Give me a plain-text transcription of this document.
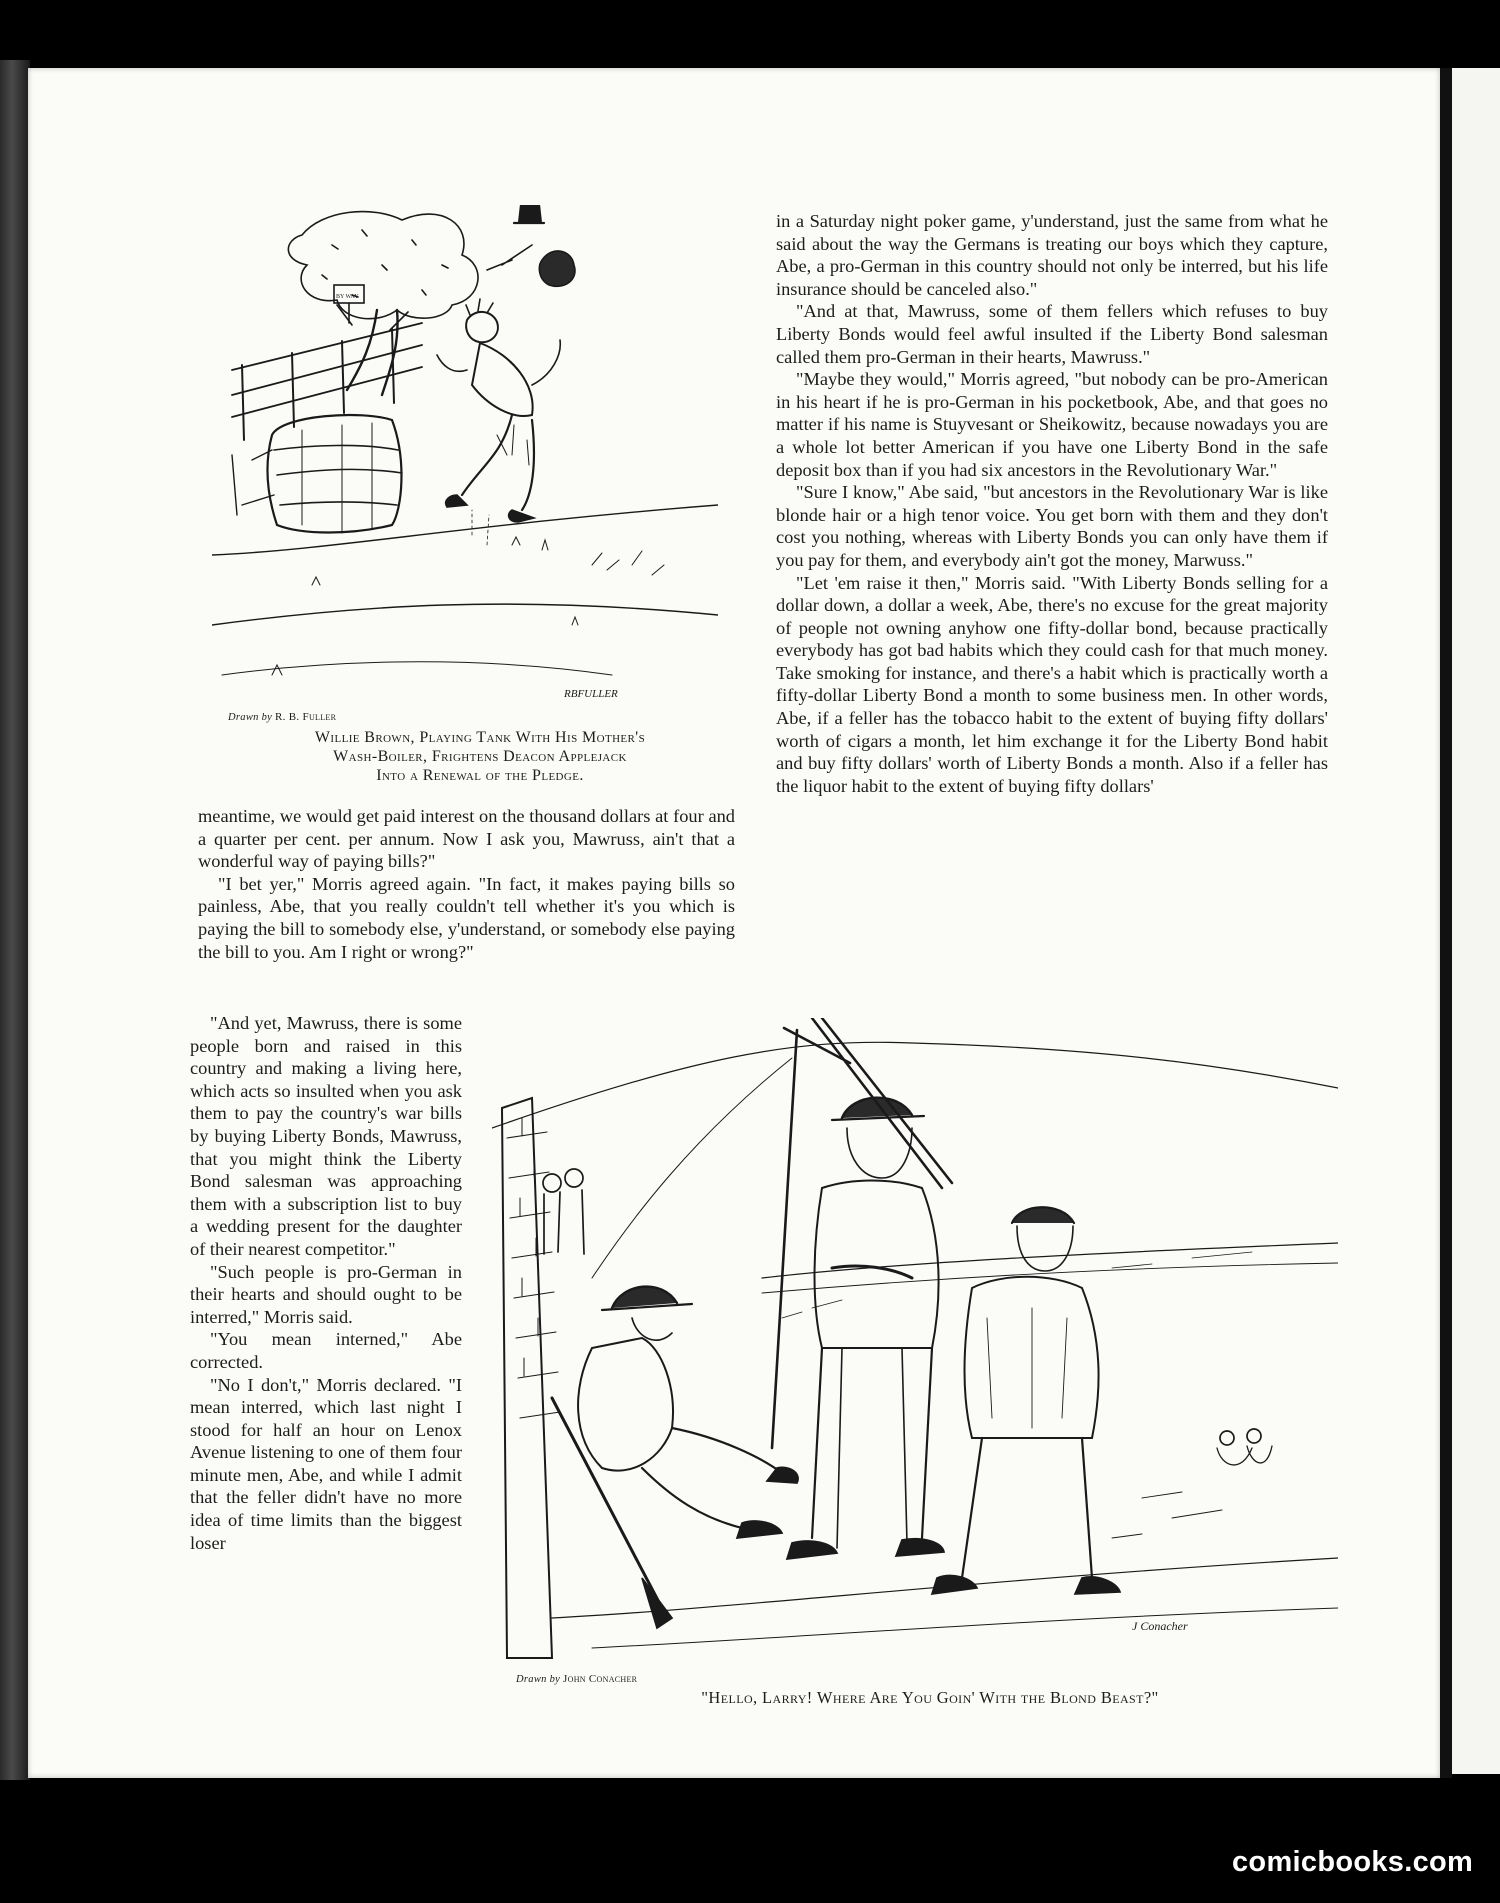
RBFULLER
BY WAY
Drawn by R. B. Fuller
Willie Brown, Playing Tank With His Mother's
Wash-Boiler, Frightens Deacon Applejack
Into a Renewal of the Pledge.

in a Saturday night poker game, y'understand, just the same from what he said about the way the Germans is treating our boys which they capture, Abe, a pro-German in this country should not only be interred, but his life insurance should be canceled also."

"And at that, Mawruss, some of them fellers which refuses to buy Liberty Bonds would feel awful insulted if the Liberty Bond salesman called them pro-German in their hearts, Mawruss."

"Maybe they would," Morris agreed, "but nobody can be pro-American in his heart if he is pro-German in his pocketbook, Abe, and that goes no matter if his name is Stuyvesant or Sheikowitz, because nowadays you are a whole lot better American if you have one Liberty Bond in the safe deposit box than if you had six ancestors in the Revolutionary War."

"Sure I know," Abe said, "but ancestors in the Revolutionary War is like blonde hair or a high tenor voice. You get born with them and they don't cost you nothing, whereas with Liberty Bonds you can only have them if you pay for them, and everybody ain't got the money, Marwuss."

"Let 'em raise it then," Morris said. "With Liberty Bonds selling for a dollar down, a dollar a week, Abe, there's no excuse for the great majority of people not owning anyhow one fifty-dollar bond, because practically everybody has got bad habits which they could cash for that much money. Take smoking for instance, and there's a habit which is practically worth a fifty-dollar Liberty Bond a month to some business men. In other words, Abe, if a feller has the tobacco habit to the extent of buying fifty dollars' worth of cigars a month, let him exchange it for the Liberty Bond habit and buy fifty dollars' worth of Liberty Bonds a month. Also if a feller has the liquor habit to the extent of buying fifty dollars'

meantime, we would get paid interest on the thousand dollars at four and a quarter per cent. per annum. Now I ask you, Mawruss, ain't that a wonderful way of paying bills?"

"I bet yer," Morris agreed again. "In fact, it makes paying bills so painless, Abe, that you really couldn't tell whether it's you which is paying the bill to somebody else, y'understand, or somebody else paying the bill to you. Am I right or wrong?"

"And yet, Mawruss, there is some people born and raised in this country and making a living here, which acts so insulted when you ask them to pay the country's war bills by buying Liberty Bonds, Mawruss, that you might think the Liberty Bond salesman was approaching them with a subscription list to buy a wedding present for the daughter of their nearest competitor."

"Such people is pro-German in their hearts and should ought to be interred," Morris said.

"You mean interned," Abe corrected.

"No I don't," Morris declared. "I mean interred, which last night I stood for half an hour on Lenox Avenue listening to one of them four minute men, Abe, and while I admit that the feller didn't have no more idea of time limits than the biggest loser

J Conacher
Drawn by John Conacher
"Hello, Larry! Where Are You Goin' With the Blond Beast?"
comicbooks.com
